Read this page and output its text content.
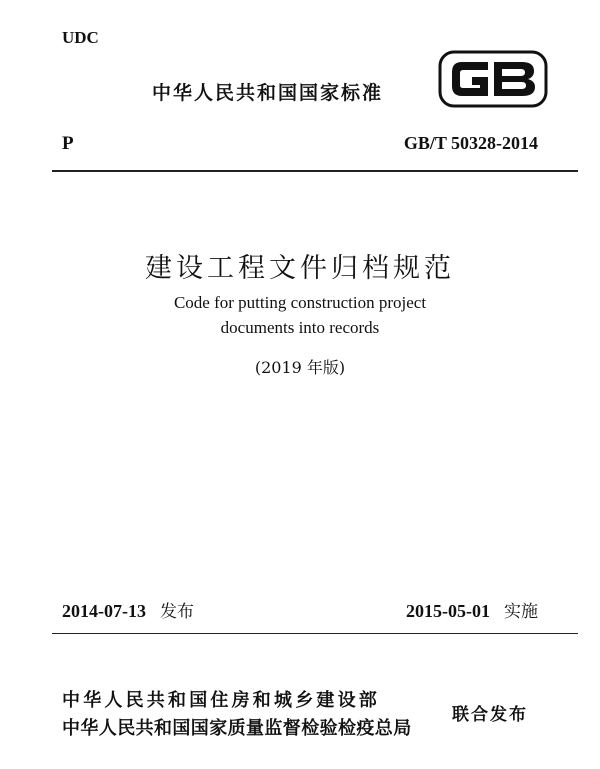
UDC
中华人民共和国国家标准
P	GB/T 50328-2014
建设工程文件归档规范
Code for putting construction project
documents into records
(2019 年版)
2014-07-13 发布	2015-05-01 实施
中华人民共和国住房和城乡建设部
中华人民共和国国家质量监督检验检疫总局
联合发布
